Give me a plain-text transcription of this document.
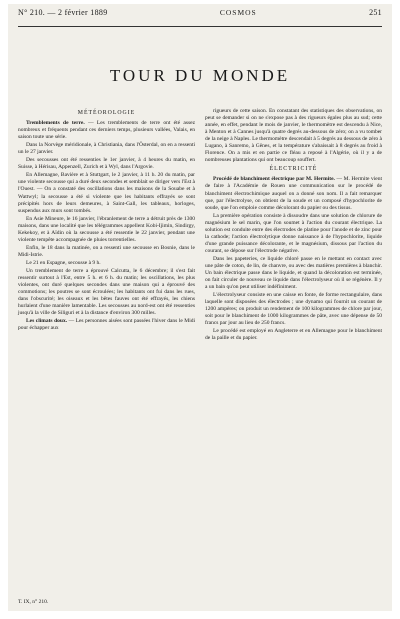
N° 210. — 2 février 1889	COSMOS	251
TOUR DU MONDE
MÉTÉOROLOGIE

Tremblements de terre. — Les tremblements de terre ont été assez nombreux et fréquents pendant ces derniers temps, plusieurs vallées, Valais, en saison toute une série.

Dans la Norvège méridionale, à Christiania, dans l'Österdal, on en a ressenti un le 27 janvier.

Des secousses ont été ressenties le 1er janvier, à 4 heures du matin, en Suisse, à Hérisau, Appenzell, Zurich et à Wyl, dans l'Argovie.

En Allemagne, Bavière et à Stuttgart, le 2 janvier, à 11 h. 20 du matin, par une violente secousse qui a duré deux secondes et semblait se diriger vers l'Est à l'Ouest. — On a constaté des oscillations dans les maisons de la Souabe et à Wattwyl; la secousse a été si violente que les habitants effrayés se sont précipités hors de leurs demeures, à Saint-Gall, les tableaux, horloges, suspendus aux murs sont tombés.

En Asie Mineure, le 16 janvier, l'ébranlement de terre a détruit près de 1300 maisons, dans une localité que les télégrammes appellent Kobi-Ijimin, Sindirgy, Kekekoy, et à Aïdin où la secousse a été ressentie le 22 janvier, pendant une violente tempête accompagnée de pluies torrentielles.

Enfin, le 18 dans la matinée, on a ressenti une secousse en Bosnie, dans le Midi-Istrie.

Le 21 en Espagne, secousse à 9 h.

Un tremblement de terre a éprouvé Calcutta, le 6 décembre; il s'est fait ressentir surtout à l'Est, entre 5 h. et 6 h. du matin; les oscillations, les plus violentes, ont duré quelques secondes dans une maison qui a éprouvé des commotions; les poutres se sont écroulées; les habitants ont fui dans les rues, dans l'obscurité; les oiseaux et les bêtes fauves ont été effrayés, les chiens hurlaient d'une manière lamentable. Les secousses au nord-est ont été ressenties jusqu'à la ville de Siliguri et à la distance d'environ 300 milles.

Les climats doux. — Les personnes aisées sont passées l'hiver dans le Midi pour échapper aux

rigueurs de cette saison. En constatant des statistiques des observations, on peut se demander si on ne s'expose pas à des rigueurs égales plus au sud; cette année, en effet, pendant le mois de janvier, le thermomètre est descendu à Nice, à Menton et à Cannes jusqu'à quatre degrés au-dessous de zéro; on a vu tomber de la neige à Naples. Le thermomètre descendait à 5 degrés au dessous de zéro à Lugano, à Sanremo, à Gênes, et la température s'abaissait à 8 degrés au froid à Florence. On a mis et en partie ce fléau a reposé à l'Algérie, où il y a de nombreuses plantations qui ont beaucoup souffert.

ÉLECTRICITÉ

Procédé de blanchiment électrique par M. Hermite. — M. Hermite vient de faire à l'Académie de Rouen une communication sur le procédé de blanchiment électrochimique auquel on a donné son nom. Il a fait remarquer que, par l'électrolyse, on obtient de la soude et un composé d'hypochlorite de soude, que l'on emploie comme décolorant du papier ou des tissus.

La première opération consiste à dissoudre dans une solution de chlorure de magnésium le sel marin, que l'on soumet à l'action du courant électrique. La solution est conduite entre des électrodes de platine pour l'anode et de zinc pour la cathode; l'action électrolytique donne naissance à de l'hypochlorite, liquide d'une grande puissance décolorante, et le magnésium, dissous par l'action du courant, se dépose sur l'électrode négative.

Dans les papeteries, ce liquide chloré passe en le mettant en contact avec une pâte de coton, de lin, de chanvre, ou avec des matières premières à blanchir. Un bain électrique passe dans le liquide, et quand la décoloration est terminée, on fait circuler de nouveau ce liquide dans l'électrolyseur où il se régénère. Il y a un bain qu'on peut utiliser indéfiniment.

L'électrolyseur consiste en une caisse en fonte, de forme rectangulaire, dans laquelle sont disposées des électrodes ; une dynamo qui fournit un courant de 1200 ampères; on produit un rendement de 100 kilogrammes de chlore par jour, soit pour le blanchiment de 1000 kilogrammes de pâte, avec une dépense de 50 francs par jour au lieu de 250 francs.

Le procédé est employé en Angleterre et en Allemagne pour le blanchiment de la paille et du papier.

T. IX, n° 210.
